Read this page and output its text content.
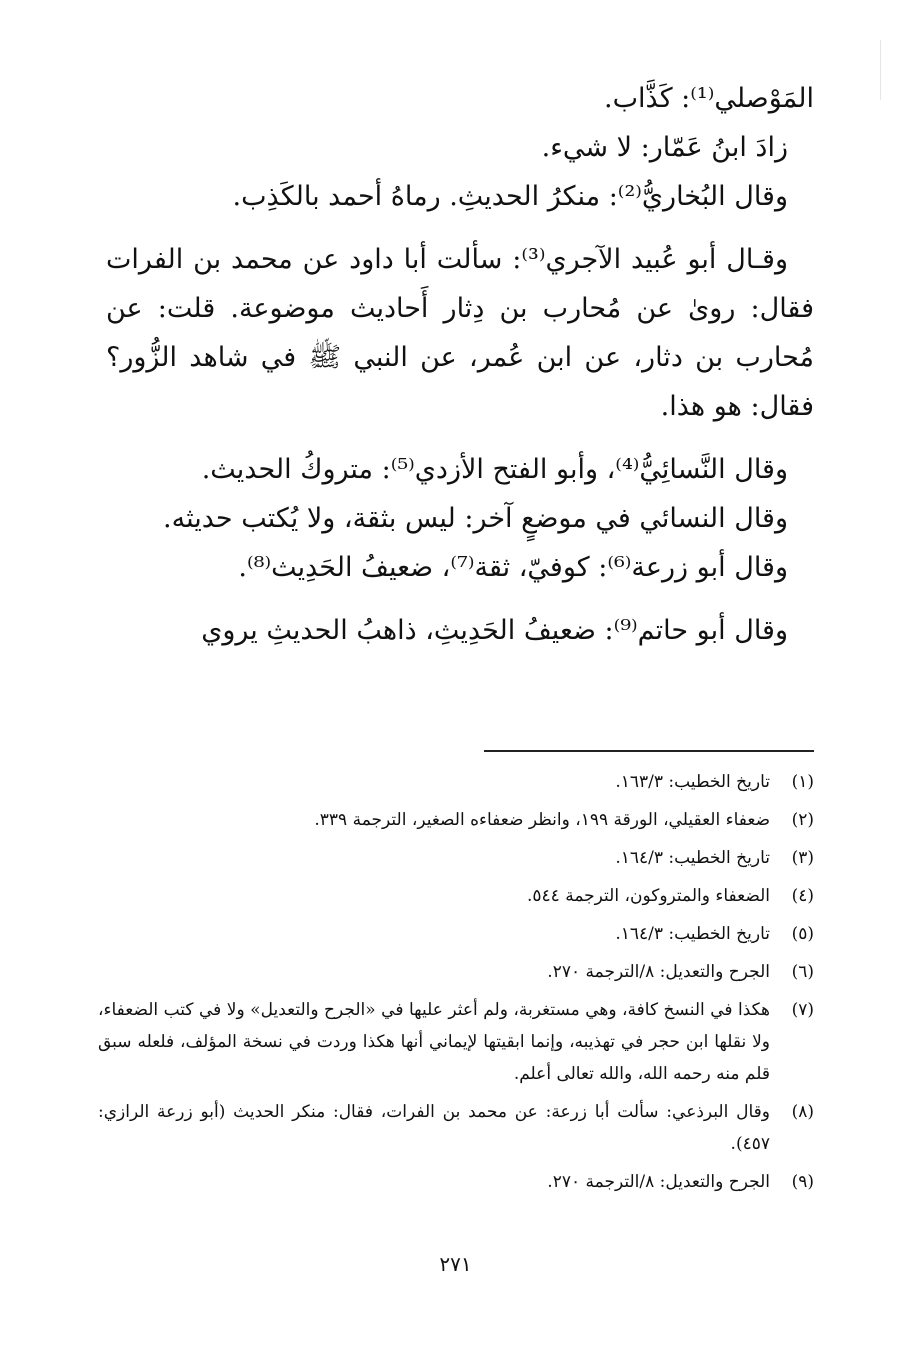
المَوْصلي⁽¹⁾: كَذَّاب.

زادَ ابنُ عَمّار: لا شيء.

وقال البُخاريُّ⁽²⁾: منكرُ الحديثِ. رماهُ أحمد بالكَذِب.

وقـال أبو عُبيد الآجري⁽³⁾: سألت أبا داود عن محمد بن الفرات فقال: روىٰ عن مُحارب بن دِثار أَحاديث موضوعة. قلت: عن مُحارب بن دثار، عن ابن عُمر، عن النبي ﷺ في شاهد الزُّور؟ فقال: هو هذا.

وقال النَّسائِيُّ⁽⁴⁾، وأبو الفتح الأزدي⁽⁵⁾: متروكُ الحديث.

وقال النسائي في موضعٍ آخر: ليس بثقة، ولا يُكتب حديثه.

وقال أبو زرعة⁽⁶⁾: كوفيّ، ثقة⁽⁷⁾، ضعيفُ الحَدِيث⁽⁸⁾.

وقال أبو حاتم⁽⁹⁾: ضعيفُ الحَدِيثِ، ذاهبُ الحديثِ يروي

(١)
تاريخ الخطيب: ١٦٣/٣.
(٢)
ضعفاء العقيلي، الورقة ١٩٩، وانظر ضعفاءه الصغير، الترجمة ٣٣٩.
(٣)
تاريخ الخطيب: ١٦٤/٣.
(٤)
الضعفاء والمتروكون، الترجمة ٥٤٤.
(٥)
تاريخ الخطيب: ١٦٤/٣.
(٦)
الجرح والتعديل: ٨/الترجمة ٢٧٠.
(٧)
هكذا في النسخ كافة، وهي مستغربة، ولم أعثر عليها في «الجرح والتعديل» ولا في كتب الضعفاء، ولا نقلها ابن حجر في تهذيبه، وإنما ابقيتها لإيماني أنها هكذا وردت في نسخة المؤلف، فلعله سبق قلم منه رحمه الله، والله تعالى أعلم.
(٨)
وقال البرذعي: سألت أبا زرعة: عن محمد بن الفرات، فقال: منكر الحديث (أبو زرعة الرازي: ٤٥٧).
(٩)
الجرح والتعديل: ٨/الترجمة ٢٧٠.
٢٧١
